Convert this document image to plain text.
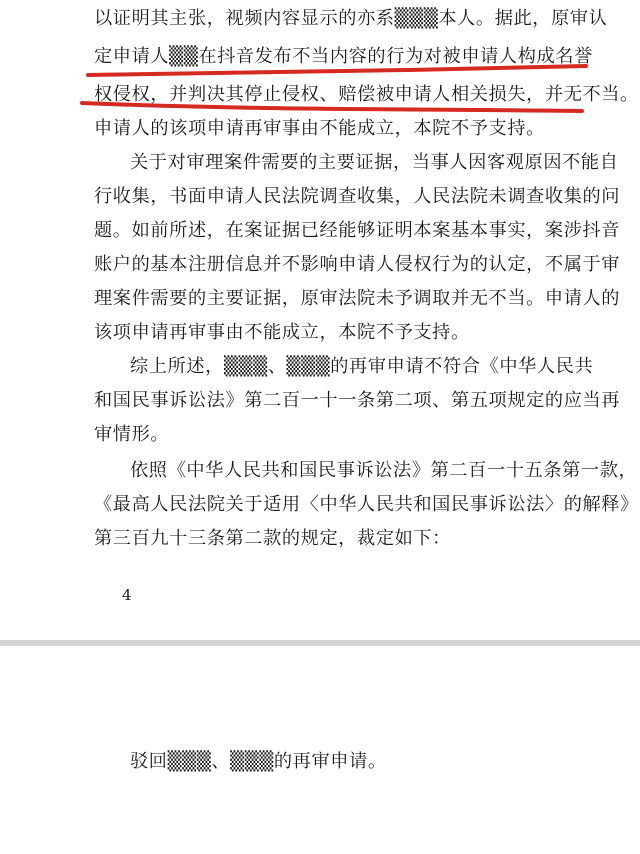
以证明其主张，视频内容显示的亦系▒▒▒本人。据此，原审认
定申请人▒▒在抖音发布不当内容的行为对被申请人构成名誉
权侵权，并判决其停止侵权、赔偿被申请人相关损失，并无不当。
申请人的该项申请再审事由不能成立，本院不予支持。
关于对审理案件需要的主要证据，当事人因客观原因不能自
行收集，书面申请人民法院调查收集，人民法院未调查收集的问
题。如前所述，在案证据已经能够证明本案基本事实，案涉抖音
账户的基本注册信息并不影响申请人侵权行为的认定，不属于审
理案件需要的主要证据，原审法院未予调取并无不当。申请人的
该项申请再审事由不能成立，本院不予支持。
综上所述，▒▒▒、▒▒▒的再审申请不符合《中华人民共
和国民事诉讼法》第二百一十一条第二项、第五项规定的应当再
审情形。
依照《中华人民共和国民事诉讼法》第二百一十五条第一款，
《最高人民法院关于适用〈中华人民共和国民事诉讼法〉的解释》
第三百九十三条第二款的规定，裁定如下：
4
驳回▒▒▒、▒▒▒的再审申请。
